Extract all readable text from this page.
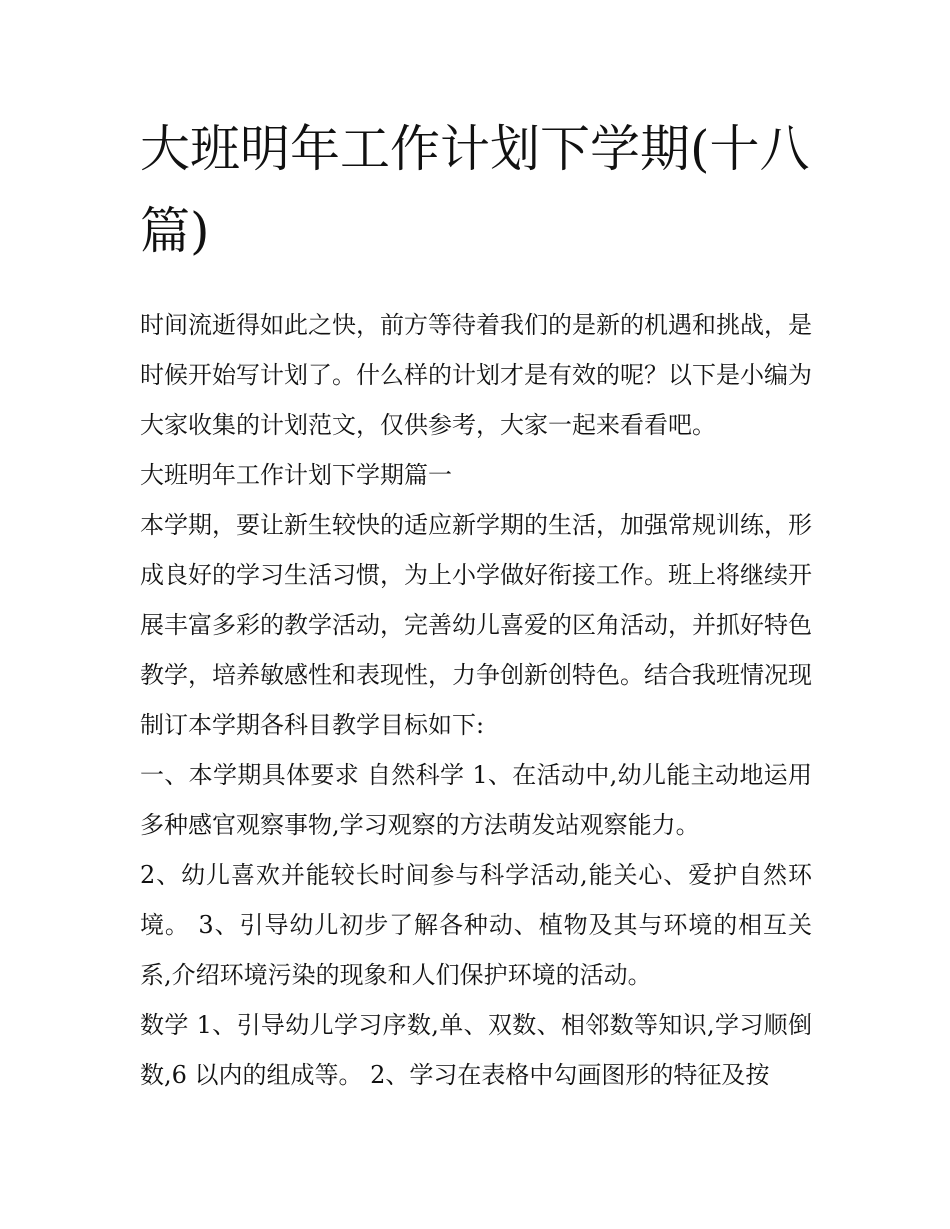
大班明年工作计划下学期(十八篇)

时间流逝得如此之快，前方等待着我们的是新的机遇和挑战，是时候开始写计划了。什么样的计划才是有效的呢？以下是小编为大家收集的计划范文，仅供参考，大家一起来看看吧。

大班明年工作计划下学期篇一

本学期，要让新生较快的适应新学期的生活，加强常规训练，形成良好的学习生活习惯，为上小学做好衔接工作。班上将继续开展丰富多彩的教学活动，完善幼儿喜爱的区角活动，并抓好特色教学，培养敏感性和表现性，力争创新创特色。结合我班情况现制订本学期各科目教学目标如下:

一、本学期具体要求 自然科学 1、在活动中,幼儿能主动地运用多种感官观察事物,学习观察的方法萌发站观察能力。

2、幼儿喜欢并能较长时间参与科学活动,能关心、爱护自然环境。 3、引导幼儿初步了解各种动、植物及其与环境的相互关系,介绍环境污染的现象和人们保护环境的活动。

数学 1、引导幼儿学习序数,单、双数、相邻数等知识,学习顺倒数,6 以内的组成等。 2、学习在表格中勾画图形的特征及按
